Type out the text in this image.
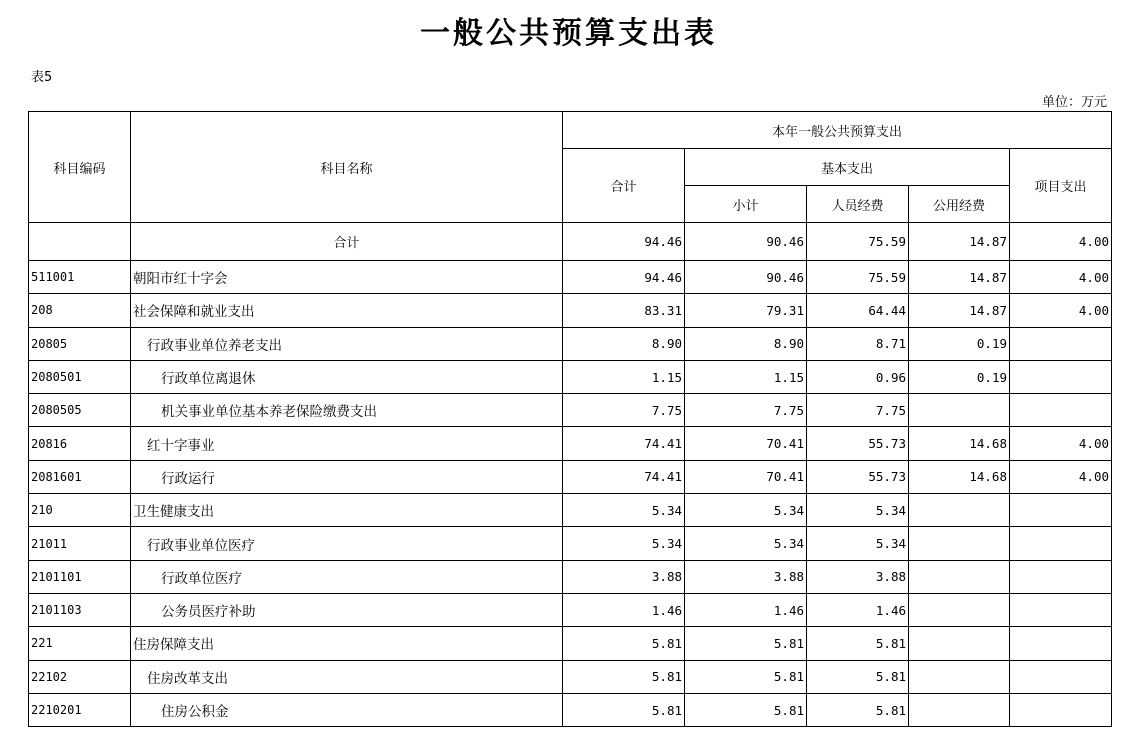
一般公共预算支出表
表5
单位：万元
科目编码	科目名称	本年一般公共预算支出				
		合计	基本支出			项目支出
			小计	人员经费	公用经费	
	合计	94.46	90.46	75.59	14.87	4.00
511001	朝阳市红十字会	94.46	90.46	75.59	14.87	4.00
208	社会保障和就业支出	83.31	79.31	64.44	14.87	4.00
20805	行政事业单位养老支出	8.90	8.90	8.71	0.19	
2080501	行政单位离退休	1.15	1.15	0.96	0.19	
2080505	机关事业单位基本养老保险缴费支出	7.75	7.75	7.75		
20816	红十字事业	74.41	70.41	55.73	14.68	4.00
2081601	行政运行	74.41	70.41	55.73	14.68	4.00
210	卫生健康支出	5.34	5.34	5.34		
21011	行政事业单位医疗	5.34	5.34	5.34		
2101101	行政单位医疗	3.88	3.88	3.88		
2101103	公务员医疗补助	1.46	1.46	1.46		
221	住房保障支出	5.81	5.81	5.81		
22102	住房改革支出	5.81	5.81	5.81		
2210201	住房公积金	5.81	5.81	5.81		
